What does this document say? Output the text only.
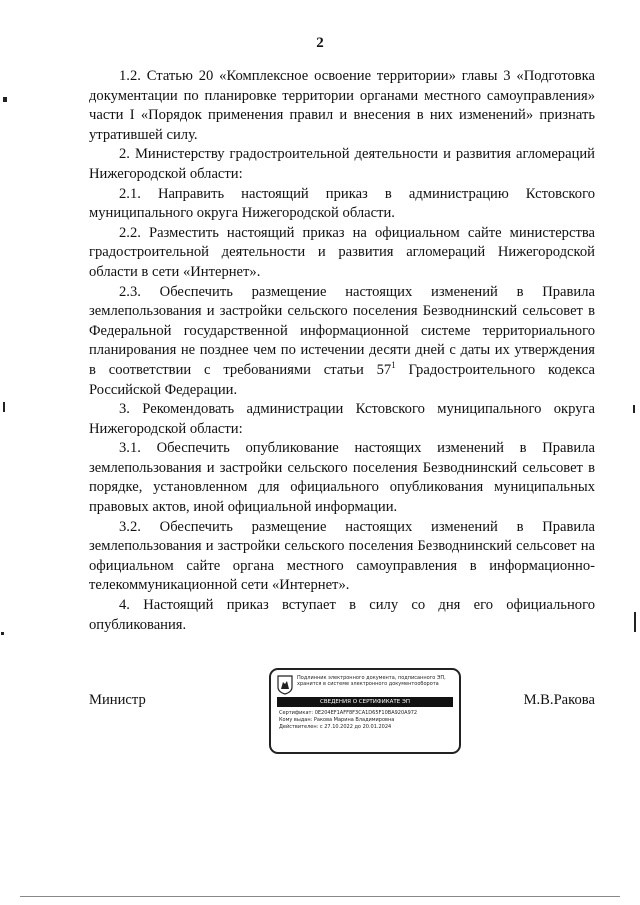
2

1.2. Статью 20 «Комплексное освоение территории» главы 3 «Подготовка документации по планировке территории органами местного самоуправления» части I «Порядок применения правил и внесения в них изменений» признать утратившей силу.

2. Министерству градостроительной деятельности и развития агломераций Нижегородской области:

2.1. Направить настоящий приказ в администрацию Кстовского муниципального округа Нижегородской области.

2.2. Разместить настоящий приказ на официальном сайте министерства градостроительной деятельности и развития агломераций Нижегородской области в сети «Интернет».

2.3. Обеспечить размещение настоящих изменений в Правила землепользования и застройки сельского поселения Безводнинский сельсовет в Федеральной государственной информационной системе территориального планирования не позднее чем по истечении десяти дней с даты их утверждения в соответствии с требованиями статьи $57^1$ Градостроительного кодекса Российской Федерации.

3. Рекомендовать администрации Кстовского муниципального округа Нижегородской области:

3.1. Обеспечить опубликование настоящих изменений в Правила землепользования и застройки сельского поселения Безводнинский сельсовет в порядке, установленном для официального опубликования муниципальных правовых актов, иной официальной информации.

3.2. Обеспечить размещение настоящих изменений в Правила землепользования и застройки сельского поселения Безводнинский сельсовет на официальном сайте органа местного самоуправления в информационно-телекоммуникационной сети «Интернет».

4. Настоящий приказ вступает в силу со дня его официального опубликования.

Министр
Подлинник электронного документа, подписанного ЭП, хранится в системе электронного документооборота
СВЕДЕНИЯ О СЕРТИФИКАТЕ ЭП
Сертификат: 0E204EF1AFF8F3CA1D65F10BA920A972
Кому выдан: Ракова Марина Владимировна
Действителен: с 27.10.2022 до 20.01.2024
М.В.Ракова
